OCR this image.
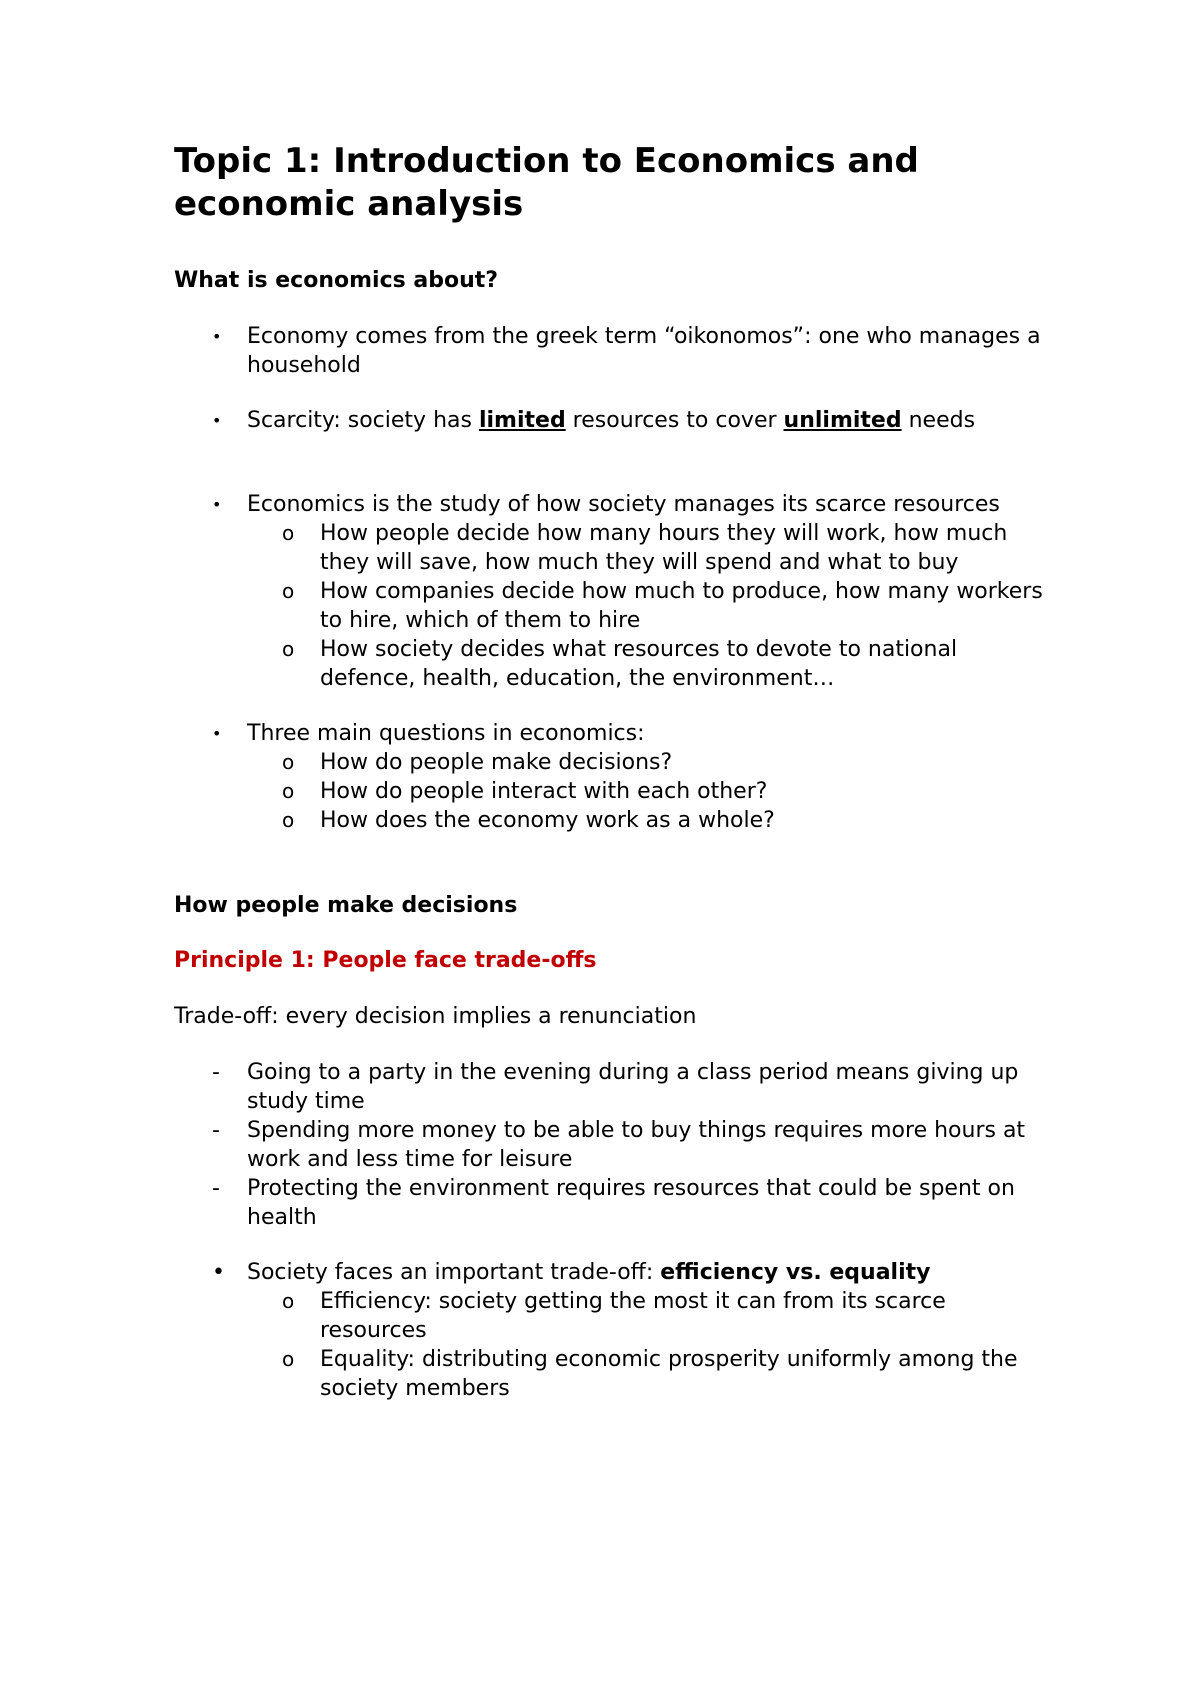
Topic 1: Introduction to Economics and economic analysis
What is economics about?
•	Economy comes from the greek term “oikonomos”: one who manages a household
•	Scarcity: society has limited resources to cover unlimited needs
•	Economics is the study of how society manages its scarce resources
o	How people decide how many hours they will work, how much they will save, how much they will spend and what to buy
o	How companies decide how much to produce, how many workers to hire, which of them to hire
o	How society decides what resources to devote to national defence, health, education, the environment…
•	Three main questions in economics:
o	How do people make decisions?
o	How do people interact with each other?
o	How does the economy work as a whole?
How people make decisions
Principle 1: People face trade-offs

Trade-off: every decision implies a renunciation

-	Going to a party in the evening during a class period means giving up study time
-	Spending more money to be able to buy things requires more hours at work and less time for leisure
-	Protecting the environment requires resources that could be spent on health
•	Society faces an important trade-off: efficiency vs. equality
o	Efficiency: society getting the most it can from its scarce resources
o	Equality: distributing economic prosperity uniformly among the society members
